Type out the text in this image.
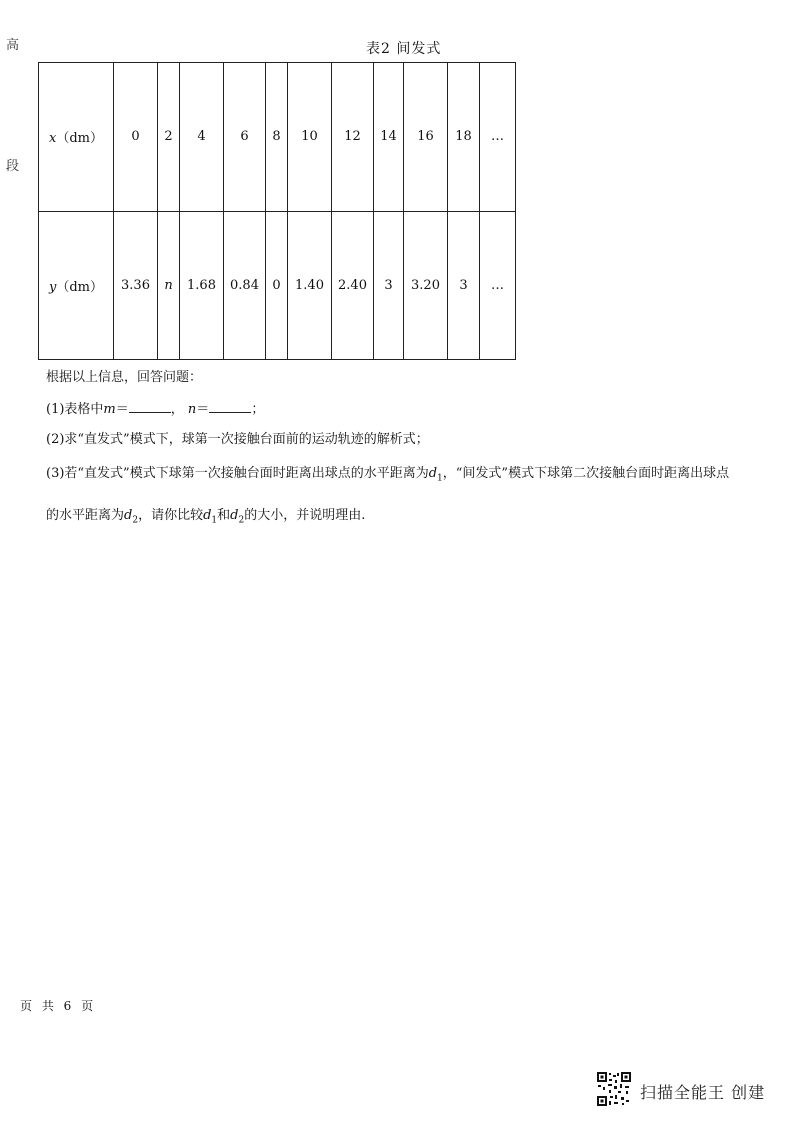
高
段
表2 间发式
x（dm）	0	2	4	6	8	10	12	14	16	18	…
y（dm）	3.36	n	1.68	0.84	0	1.40	2.40	3	3.20	3	…
根据以上信息，回答问题：
(1)表格中m＝	， n＝	；
(2)求“直发式”模式下，球第一次接触台面前的运动轨迹的解析式；
(3)若“直发式”模式下球第一次接触台面时距离出球点的水平距离为$d_1$，“间发式”模式下球第二次接触台面时距离出球点
的水平距离为$d_2$，请你比较$d_1$和$d_2$的大小，并说明理由.
页 共 6 页
扫描全能王 创建
